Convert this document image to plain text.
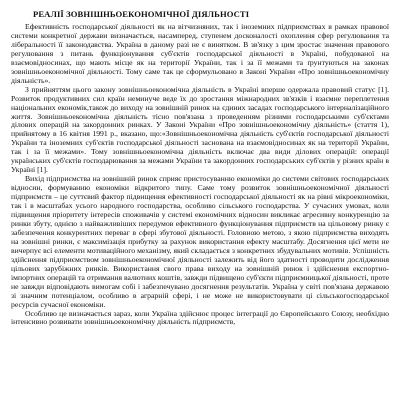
РЕАЛІЇ ЗОВНІШНЬОЕКОНОМІЧНОЇ ДІЯЛЬНОСТІ

Ефективність господарської діяльності як на вітчизняних, так і іноземних підприємствах в рамках правової системи конкретної держави визначається, насамперед, ступенем досконалості охоплення сфер регулювання та ліберальності її законодавства. Україна в даному разі не є винятком. В зв'язку з цим зростає значення правового регулювання з питань функціонування суб'єктів господарської діяльності в Україні, побудованої на взаємовідносинах, що мають місце як на території України, так і за її межами та ґрунтуються на законах зовнішньоекономічної діяльності. Тому саме так це сформульовано в Законі України «Про зовнішньоекономічну діяльність».

З прийняттям цього закону зовнішньоекономічна діяльність в Україні вперше одержала правовий статус [1]. Розвиток продуктивних сил країн неминуче веде їх до зростання міжнародних зв'язків і взаємне переплетення національних економік,також до виходу на зовнішній ринок на єдиних засадах господарського інтерналізаційного життя. Зовнішньоекономічна діяльність тісно пов'язана з проведенням різними господарськими суб'єктами ділових операцій на закордонних ринках. У Законі України «Про зовнішньоекономічну діяльність» (стаття 1), прийнятому в 16 квітня 1991 р., вказано, що:«Зовнішньоекономічна діяльність суб'єктів господарської діяльності України та іноземних суб'єктів господарської діяльності заснована на взаємовідносинах як на території України, так і за її межами». Тому зовнішньоекономічна діяльність включає два види ділових операцій: операції українських суб'єктів господарювання за межами України та закордонних господарських суб'єктів у різних країн в Україні [1].

Вихід підприємства на зовнішній ринок сприяє пристосуванню економіки до системи світових господарських відносин, формуванню економіки відкритого типу. Саме тому розвиток зовнішньоекономічної діяльності підприємств – це суттєвий фактор підвищення ефективності господарської діяльності як на рівні мікроекономіки, так і в масштабах усього народного господарства, особливо сільського господарства. У сучасних умовах, коли підвищення пріоритету інтересів споживачів у системі економічних відносин викликає агресивну конкуренцію за ринки збуту, однією з найважливіших передумов ефективного функціонування підприємств на цільовому ринку є забезпечення конкурентних переваг в сфері збутової діяльності. Головною метою, з якою підприємства виходять на зовнішні ринки, є максимізація прибутку за рахунок використання ефекту масштабу. Досягнення цієї мети не вичерпує всі елементи мотиваційного механізму, який складається з конкретних збудувальних мотивів. Успішність здійснення підприємством зовнішньоекономічної діяльності залежить від його здатності проводити дослідження цільових зарубіжних ринків. Використання свого права виходу на зовнішній ринок і здійснення експортно-імпортних операцій та отримання валютних коштів, завжди підвищено суб'єкти підприємницької діяльності, проте не завжди відповідають вимогам собі і забезпечувано досягнення результатів. Україна у світі пов'язана державою зі значним потенціалом, особливо в аграрній сфері, і не може не використовувати ці сільськогосподарської ресурсів сучасної економіки.

Особливо це визначається зараз, коли Україна здійснює процес інтеграції до Європейського Союзу, необхідно інтенсивно розвивати зовнішньоекономічну діяльність підприємств,
